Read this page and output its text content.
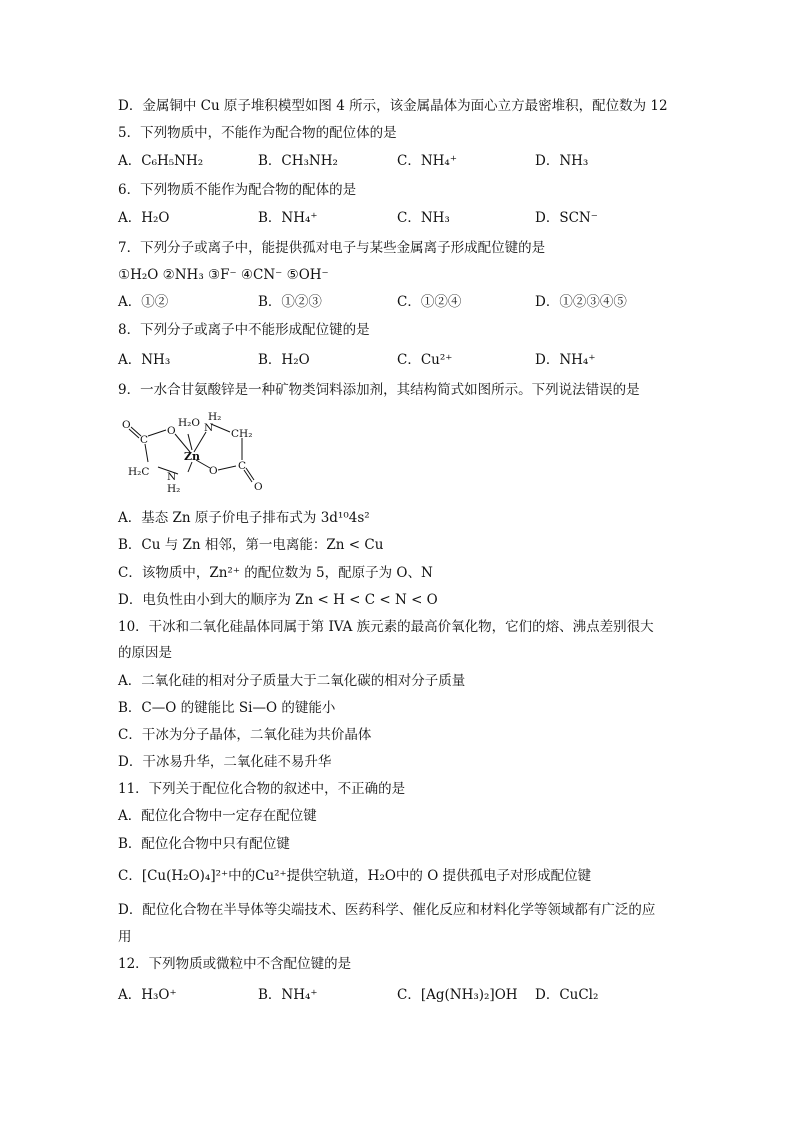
D．金属铜中 Cu 原子堆积模型如图 4 所示，该金属晶体为面心立方最密堆积，配位数为 12
5．下列物质中，不能作为配合物的配位体的是
A．C₆H₅NH₂	B．CH₃NH₂	C．NH₄⁺	D．NH₃
6．下列物质不能作为配合物的配体的是
A．H₂O	B．NH₄⁺	C．NH₃	D．SCN⁻
7．下列分子或离子中，能提供孤对电子与某些金属离子形成配位键的是
①H₂O ②NH₃ ③F⁻ ④CN⁻ ⑤OH⁻
A．①②	B．①②③	C．①②④	D．①②③④⑤
8．下列分子或离子中不能形成配位键的是
A．NH₃	B．H₂O	C．Cu²⁺	D．NH₄⁺
9．一水合甘氨酸锌是一种矿物类饲料添加剂，其结构简式如图所示。下列说法错误的是
O	O
H₂O H₂
N CH₂
C
Zn
C
H₂C N
H₂
O
O
A．基态 Zn 原子价电子排布式为 3d¹⁰4s²
B．Cu 与 Zn 相邻，第一电离能：Zn < Cu
C．该物质中，Zn²⁺ 的配位数为 5，配原子为 O、N
D．电负性由小到大的顺序为 Zn < H < C < N < O
10．干冰和二氧化硅晶体同属于第 IVA 族元素的最高价氧化物，它们的熔、沸点差别很大
的原因是
A．二氧化硅的相对分子质量大于二氧化碳的相对分子质量
B．C—O 的键能比 Si—O 的键能小
C．干冰为分子晶体，二氧化硅为共价晶体
D．干冰易升华，二氧化硅不易升华
11．下列关于配位化合物的叙述中，不正确的是
A．配位化合物中一定存在配位键
B．配位化合物中只有配位键
C．[Cu(H₂O)₄]²⁺中的Cu²⁺提供空轨道，H₂O中的 O 提供孤电子对形成配位键
D．配位化合物在半导体等尖端技术、医药科学、催化反应和材料化学等领域都有广泛的应
用
12．下列物质或微粒中不含配位键的是
A．H₃O⁺	B．NH₄⁺	C．[Ag(NH₃)₂]OH D．CuCl₂
